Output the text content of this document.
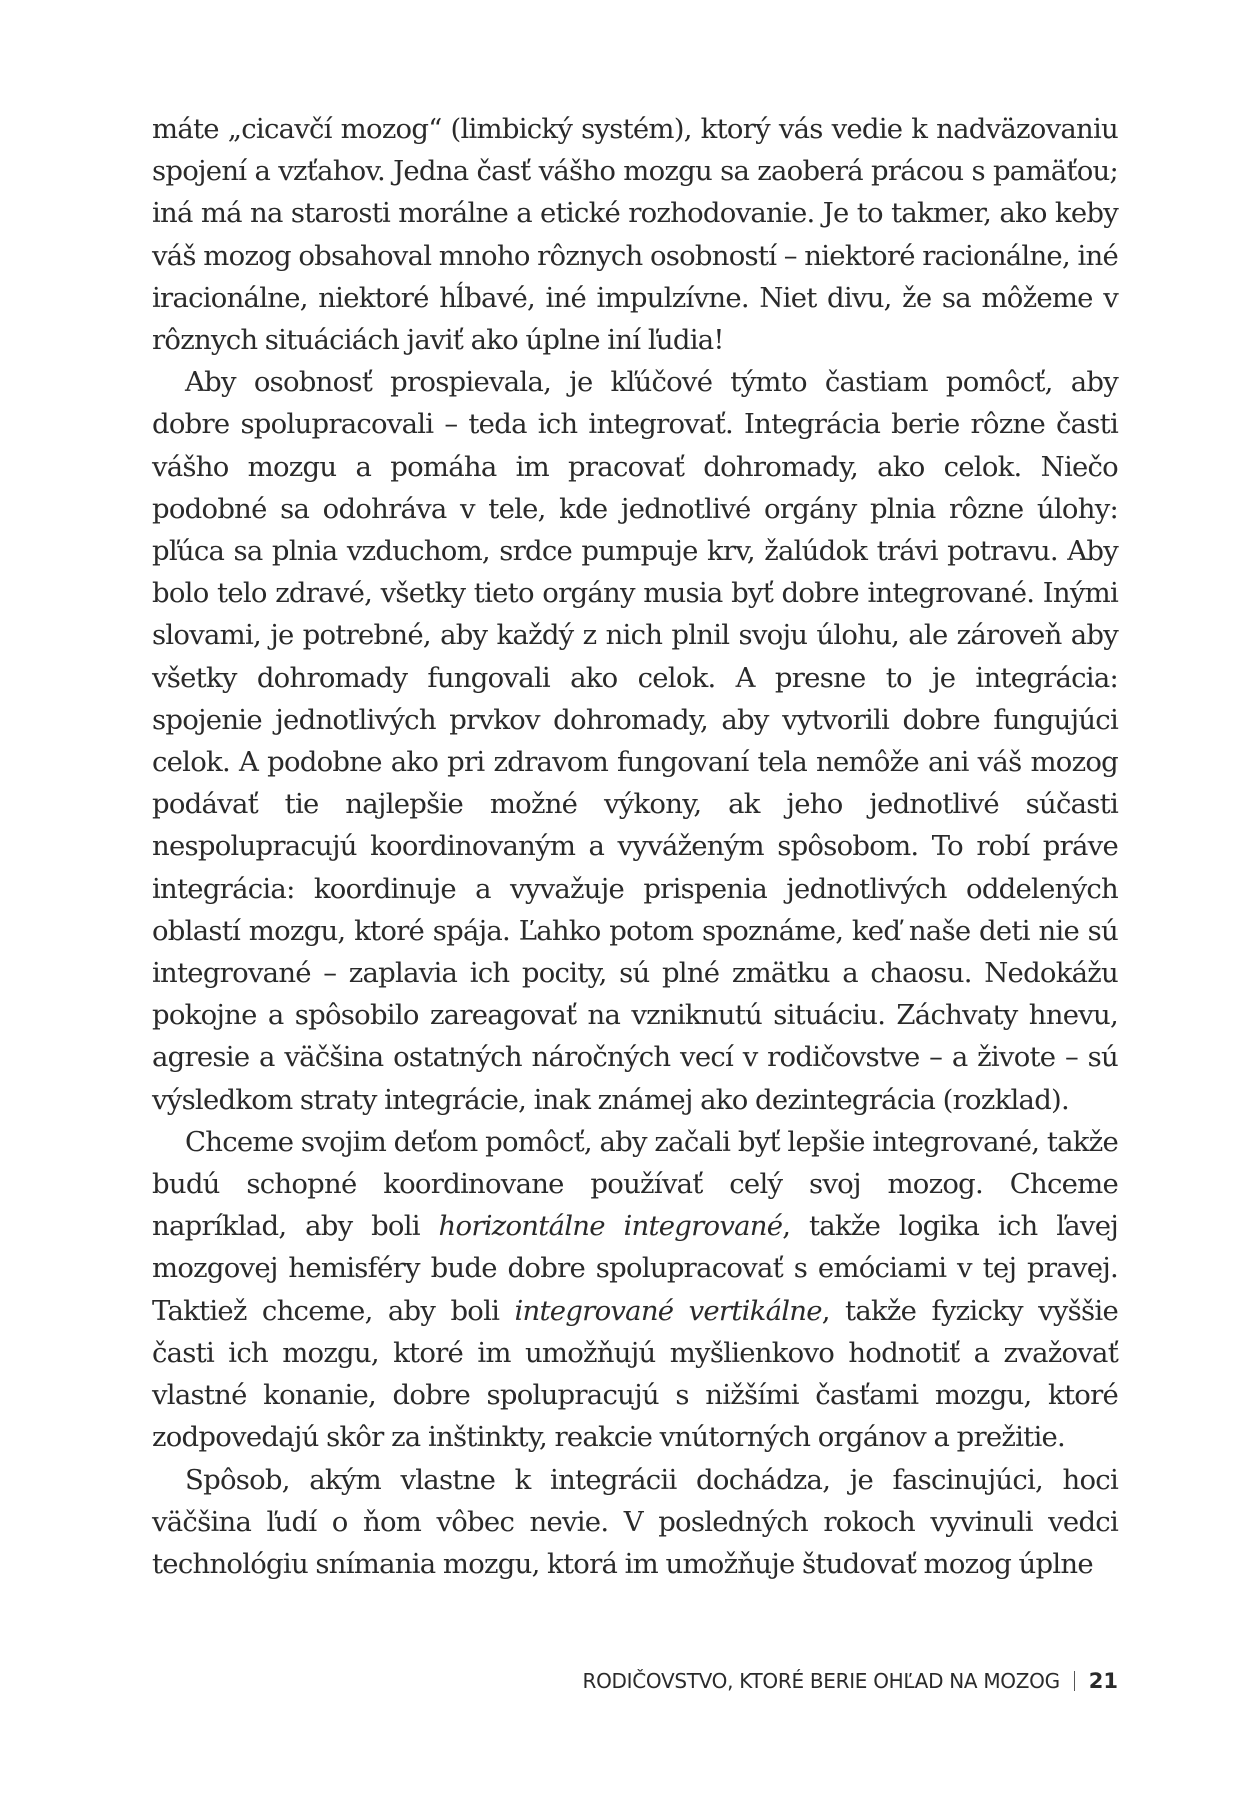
máte „cicavčí mozog“ (limbický systém), ktorý vás vedie k nadväzovaniu spojení a vzťahov. Jedna časť vášho mozgu sa zaoberá prácou s pamäťou; iná má na starosti morálne a etické rozhodovanie. Je to takmer, ako keby váš mozog obsahoval mnoho rôznych osobností – niektoré racionálne, iné iracionálne, niektoré hĺbavé, iné impulzívne. Niet divu, že sa môžeme v rôznych situáciách javiť ako úplne iní ľudia!

Aby osobnosť prospievala, je kľúčové týmto častiam pomôcť, aby dobre spolupracovali – teda ich integrovať. Integrácia berie rôzne časti vášho mozgu a pomáha im pracovať dohromady, ako celok. Niečo podobné sa odohráva v tele, kde jednotlivé orgány plnia rôzne úlohy: pľúca sa plnia vzduchom, srdce pumpuje krv, žalúdok trávi potravu. Aby bolo telo zdravé, všetky tieto orgány musia byť dobre integrované. Inými slovami, je potrebné, aby každý z nich plnil svoju úlohu, ale zároveň aby všetky dohromady fungovali ako celok. A presne to je integrácia: spojenie jednotlivých prvkov dohromady, aby vytvorili dobre fungujúci celok. A podobne ako pri zdravom fungovaní tela nemôže ani váš mozog podávať tie najlepšie možné výkony, ak jeho jednotlivé súčasti nespolupracujú koordinovaným a vyváženým spôsobom. To robí práve integrácia: koordinuje a vyvažuje prispenia jednotlivých oddelených oblastí mozgu, ktoré spája. Ľahko potom spoznáme, keď naše deti nie sú integrované – zaplavia ich pocity, sú plné zmätku a chaosu. Nedokážu pokojne a spôsobilo zareagovať na vzniknutú situáciu. Záchvaty hnevu, agresie a väčšina ostatných náročných vecí v rodičovstve – a živote – sú výsledkom straty integrácie, inak známej ako dezintegrácia (rozklad).

Chceme svojim deťom pomôcť, aby začali byť lepšie integrované, takže budú schopné koordinovane používať celý svoj mozog. Chceme napríklad, aby boli horizontálne integrované, takže logika ich ľavej mozgovej hemisféry bude dobre spolupracovať s emóciami v tej pravej. Taktiež chceme, aby boli integrované vertikálne, takže fyzicky vyššie časti ich mozgu, ktoré im umožňujú myšlienkovo hodnotiť a zvažovať vlastné konanie, dobre spolupracujú s nižšími časťami mozgu, ktoré zodpovedajú skôr za inštinkty, reakcie vnútorných orgánov a prežitie.

Spôsob, akým vlastne k integrácii dochádza, je fascinujúci, hoci väčšina ľudí o ňom vôbec nevie. V posledných rokoch vyvinuli vedci technológiu snímania mozgu, ktorá im umožňuje študovať mozog úplne

RODIČOVSTVO, KTORÉ BERIE OHĽAD NA MOZOG 21
